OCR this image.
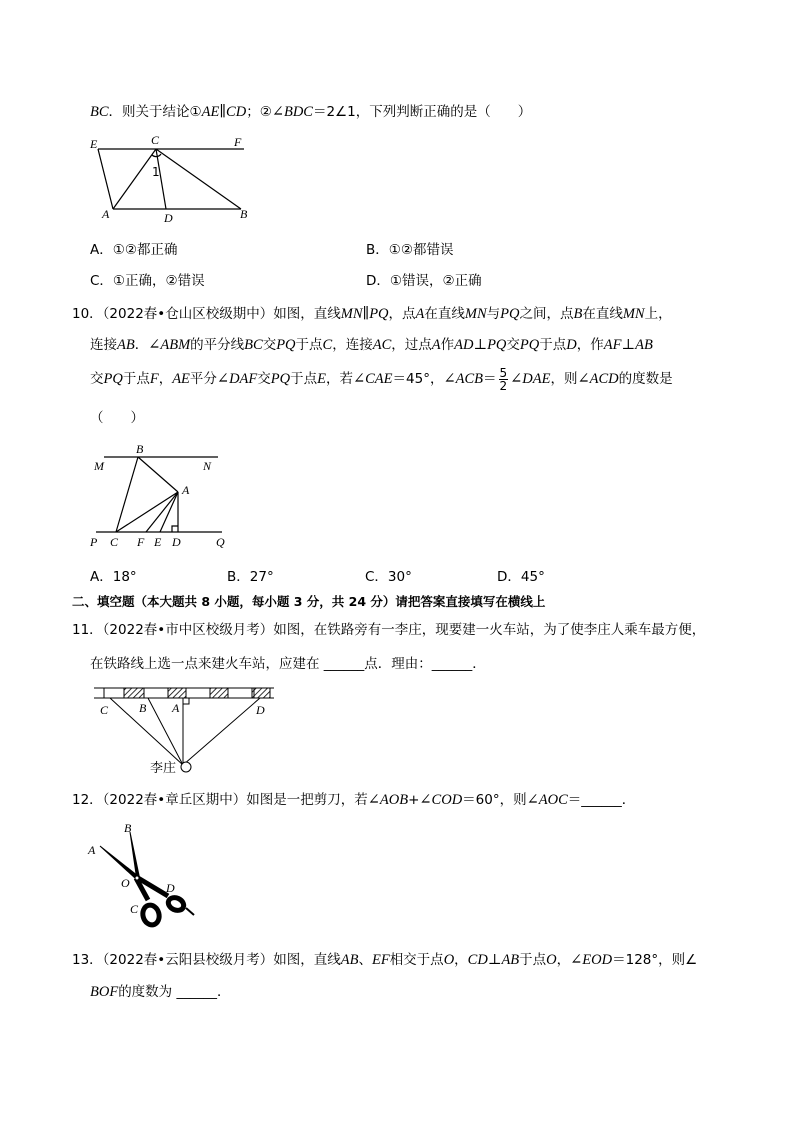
BC．则关于结论①AE∥CD；②∠BDC＝2∠1，下列判断正确的是（　　）
E	C	F
1
A	D	B
A．①②都正确	B．①②都错误
C．①正确，②错误	D．①错误，②正确
10．（2022春•仓山区校级期中）如图，直线MN∥PQ，点A在直线MN与PQ之间，点B在直线MN上，
连接AB．∠ABM的平分线BC交PQ于点C，连接AC，过点A作AD⊥PQ交PQ于点D，作AF⊥AB
交PQ于点F，AE平分∠DAF交PQ于点E，若∠CAE＝45°，∠ACB＝ $\frac{5}{2}$ ∠DAE，则∠ACD的度数是
（　　）
B
M	N
A
P C F E D	Q
A．18°	B．27°	C．30°	D．45°
二、填空题（本大题共 8 小题，每小题 3 分，共 24 分）请把答案直接填写在横线上
11．（2022春•市中区校级月考）如图，在铁路旁有一李庄，现要建一火车站，为了使李庄人乘车最方便，
在铁路线上选一点来建火车站，应建在 ______点．理由：______．
C	B A	D
李庄
12．（2022春•章丘区期中）如图是一把剪刀，若∠AOB+∠COD＝60°，则∠AOC＝______．
A
B
O	D
C
13．（2022春•云阳县校级月考）如图，直线AB、EF相交于点O，CD⊥AB于点O，∠EOD＝128°，则∠
BOF的度数为 ______．
